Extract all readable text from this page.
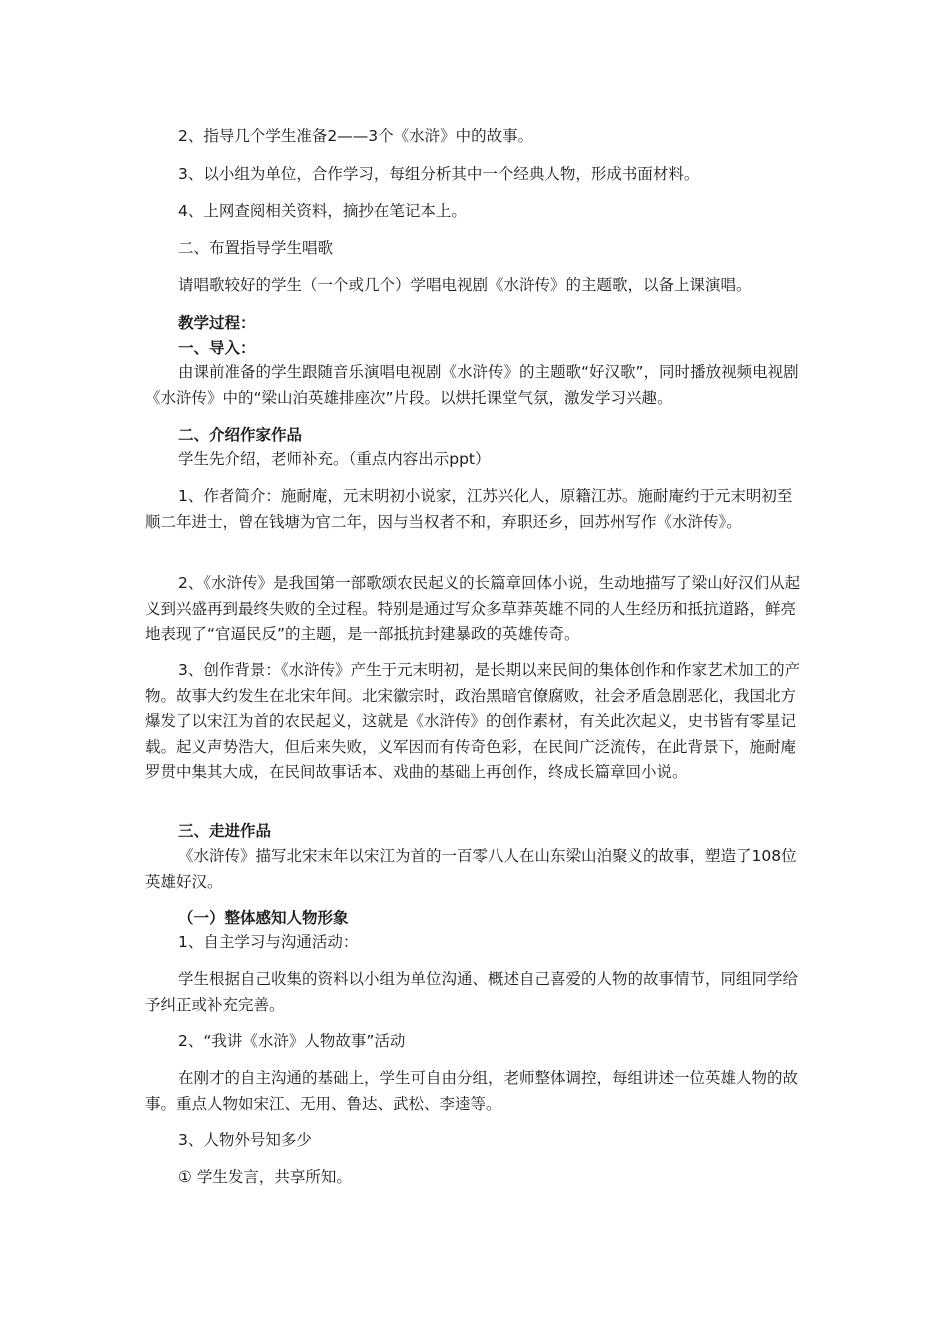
2、指导几个学生准备2——3个《水浒》中的故事。

3、以小组为单位，合作学习，每组分析其中一个经典人物，形成书面材料。

4、上网查阅相关资料，摘抄在笔记本上。

二、布置指导学生唱歌

请唱歌较好的学生（一个或几个）学唱电视剧《水浒传》的主题歌，以备上课演唱。

教学过程：

一、导入：

由课前准备的学生跟随音乐演唱电视剧《水浒传》的主题歌“好汉歌”，同时播放视频电视剧《水浒传》中的“梁山泊英雄排座次”片段。以烘托课堂气氛，激发学习兴趣。

二、介绍作家作品

学生先介绍，老师补充。（重点内容出示ppt）

1、作者简介：施耐庵，元末明初小说家，江苏兴化人，原籍江苏。施耐庵约于元末明初至顺二年进士，曾在钱塘为官二年，因与当权者不和，弃职还乡，回苏州写作《水浒传》。

2、《水浒传》是我国第一部歌颂农民起义的长篇章回体小说，生动地描写了梁山好汉们从起义到兴盛再到最终失败的全过程。特别是通过写众多草莽英雄不同的人生经历和抵抗道路，鲜亮地表现了“官逼民反”的主题，是一部抵抗封建暴政的英雄传奇。

3、创作背景：《水浒传》产生于元末明初，是长期以来民间的集体创作和作家艺术加工的产物。故事大约发生在北宋年间。北宋徽宗时，政治黑暗官僚腐败，社会矛盾急剧恶化，我国北方爆发了以宋江为首的农民起义，这就是《水浒传》的创作素材，有关此次起义，史书皆有零星记载。起义声势浩大，但后来失败，义军因而有传奇色彩，在民间广泛流传，在此背景下，施耐庵罗贯中集其大成，在民间故事话本、戏曲的基础上再创作，终成长篇章回小说。

三、走进作品

《水浒传》描写北宋末年以宋江为首的一百零八人在山东梁山泊聚义的故事，塑造了108位英雄好汉。

（一）整体感知人物形象

1、自主学习与沟通活动：

学生根据自己收集的资料以小组为单位沟通、概述自己喜爱的人物的故事情节，同组同学给予纠正或补充完善。

2、“我讲《水浒》人物故事”活动

在刚才的自主沟通的基础上，学生可自由分组，老师整体调控，每组讲述一位英雄人物的故事。重点人物如宋江、无用、鲁达、武松、李逵等。

3、人物外号知多少

① 学生发言，共享所知。
